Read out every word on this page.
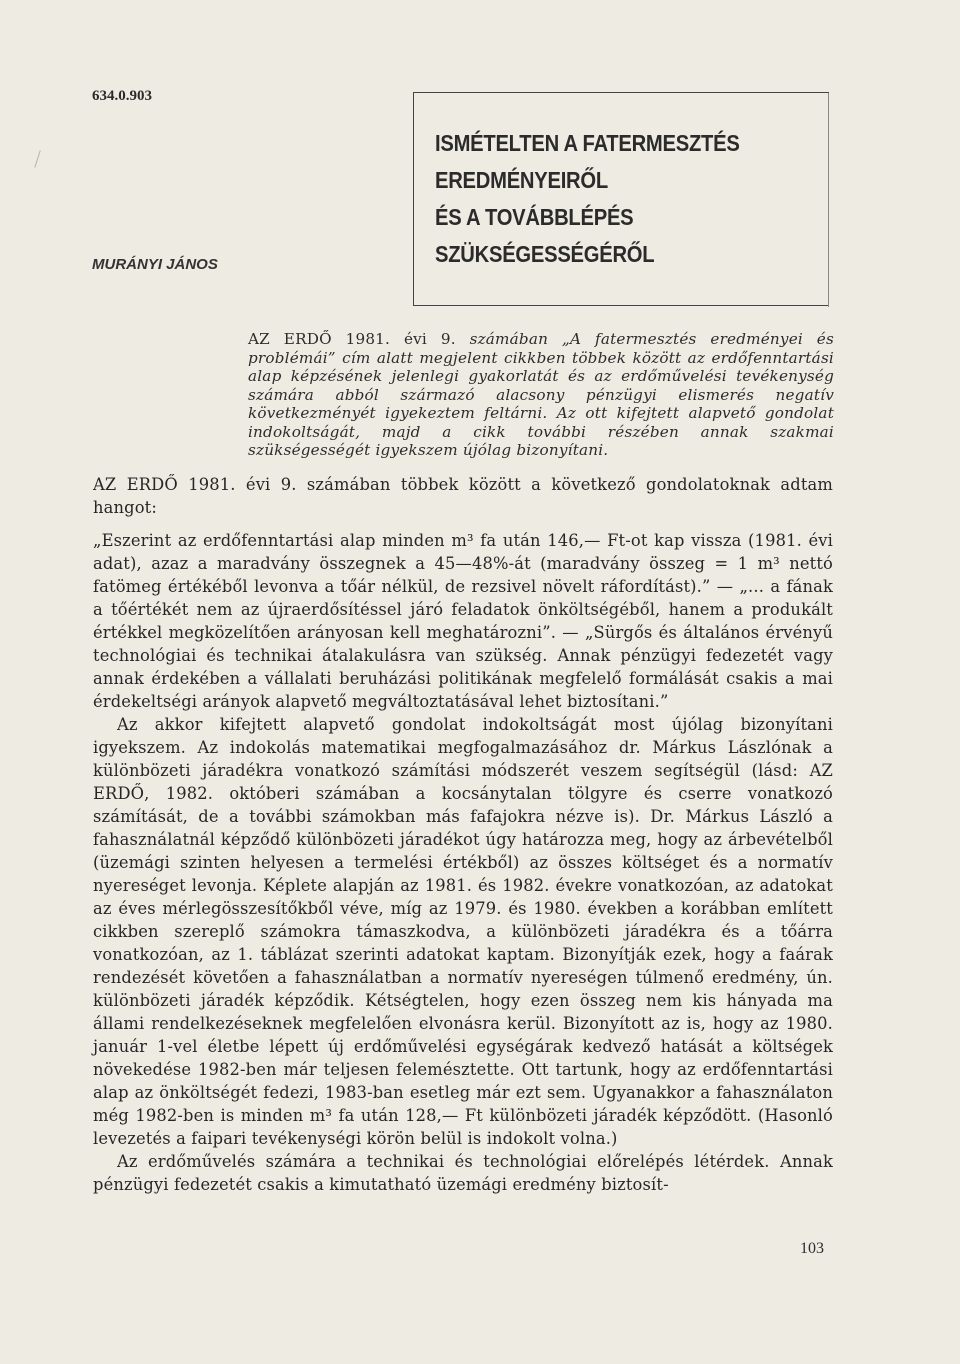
634.0.903
ISMÉTELTEN A FATERMESZTÉS
EREDMÉNYEIRŐL
ÉS A TOVÁBBLÉPÉS
SZÜKSÉGESSÉGÉRŐL
MURÁNYI JÁNOS
AZ ERDŐ 1981. évi 9. számában „A fatermesztés eredményei és problémái” cím alatt megjelent cikkben többek között az erdőfenntartási alap képzésének jelenlegi gyakorlatát és az erdőművelési tevékenység számára abból származó alacsony pénzügyi elismerés negatív következményét igyekeztem feltárni. Az ott kifejtett alapvető gondolat indokoltságát, majd a cikk további részében annak szakmai szükségességét igyekszem újólag bizonyítani.

AZ ERDŐ 1981. évi 9. számában többek között a következő gondolatoknak adtam hangot:

„Eszerint az erdőfenntartási alap minden m³ fa után 146,— Ft-ot kap vissza (1981. évi adat), azaz a maradvány összegnek a 45—48%-át (maradvány összeg = 1 m³ nettó fatömeg értékéből levonva a tőár nélkül, de rezsivel növelt ráfordítást).” — „... a fának a tőértékét nem az újraerdősítéssel járó feladatok önköltségéből, hanem a produkált értékkel megközelítően arányosan kell meghatározni”. — „Sürgős és általános érvényű technológiai és technikai átalakulásra van szükség. Annak pénzügyi fedezetét vagy annak érdekében a vállalati beruházási politikának megfelelő formálását csakis a mai érdekeltségi arányok alapvető megváltoztatásával lehet biztosítani.”

Az akkor kifejtett alapvető gondolat indokoltságát most újólag bizonyítani igyekszem. Az indokolás matematikai megfogalmazásához dr. Márkus Lászlónak a különbözeti járadékra vonatkozó számítási módszerét veszem segítségül (lásd: AZ ERDŐ, 1982. októberi számában a kocsánytalan tölgyre és cserre vonatkozó számítását, de a további számokban más fafajokra nézve is). Dr. Márkus László a fahasználatnál képződő különbözeti járadékot úgy határozza meg, hogy az árbevételből (üzemági szinten helyesen a termelési értékből) az összes költséget és a normatív nyereséget levonja. Képlete alapján az 1981. és 1982. évekre vonatkozóan, az adatokat az éves mérlegösszesítőkből véve, míg az 1979. és 1980. években a korábban említett cikkben szereplő számokra támaszkodva, a különbözeti járadékra és a tőárra vonatkozóan, az 1. táblázat szerinti adatokat kaptam. Bizonyítják ezek, hogy a faárak rendezését követően a fahasználatban a normatív nyereségen túlmenő eredmény, ún. különbözeti járadék képződik. Kétségtelen, hogy ezen összeg nem kis hányada ma állami rendelkezéseknek megfelelően elvonásra kerül. Bizonyított az is, hogy az 1980. január 1-vel életbe lépett új erdőművelési egységárak kedvező hatását a költségek növekedése 1982-ben már teljesen felemésztette. Ott tartunk, hogy az erdőfenntartási alap az önköltségét fedezi, 1983-ban esetleg már ezt sem. Ugyanakkor a fahasználaton még 1982-ben is minden m³ fa után 128,— Ft különbözeti járadék képződött. (Hasonló levezetés a faipari tevékenységi körön belül is indokolt volna.)

Az erdőművelés számára a technikai és technológiai előrelépés létérdek. Annak pénzügyi fedezetét csakis a kimutatható üzemági eredmény biztosít-

103
